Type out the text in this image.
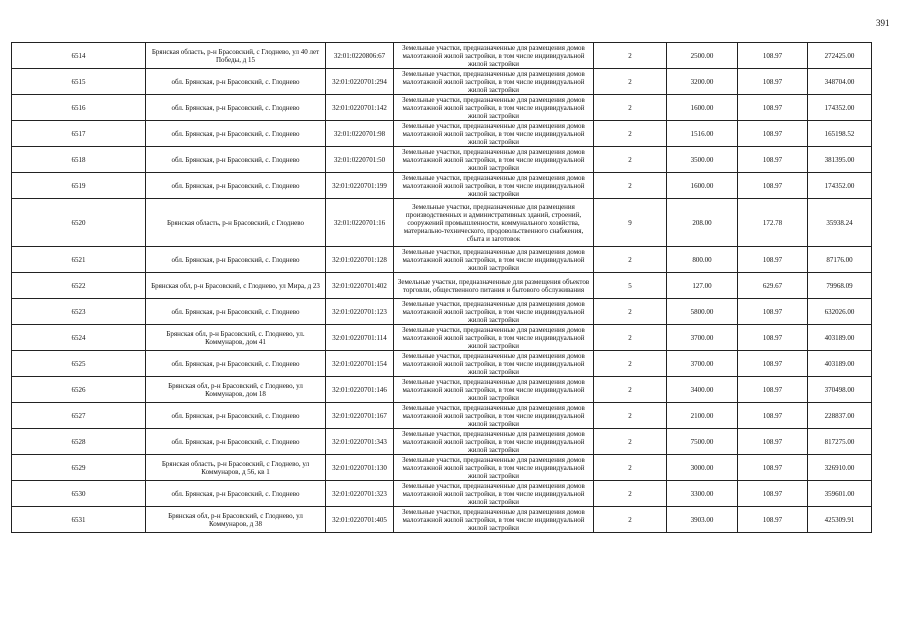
391
6514	Брянская область, р-н Брасовский, с Глоднево, ул 40 лет Победы, д 15	32:01:0220806:67	Земельные участки, предназначенные для размещения домов малоэтажной жилой застройки, в том числе индивидуальной жилой застройки	2	2500.00	108.97	272425.00
6515	обл. Брянская, р-н Брасовский, с. Глоднево	32:01:0220701:294	Земельные участки, предназначенные для размещения домов малоэтажной жилой застройки, в том числе индивидуальной жилой застройки	2	3200.00	108.97	348704.00
6516	обл. Брянская, р-н Брасовский, с. Глоднево	32:01:0220701:142	Земельные участки, предназначенные для размещения домов малоэтажной жилой застройки, в том числе индивидуальной жилой застройки	2	1600.00	108.97	174352.00
6517	обл. Брянская, р-н Брасовский, с. Глоднево	32:01:0220701:98	Земельные участки, предназначенные для размещения домов малоэтажной жилой застройки, в том числе индивидуальной жилой застройки	2	1516.00	108.97	165198.52
6518	обл. Брянская, р-н Брасовский, с. Глоднево	32:01:0220701:50	Земельные участки, предназначенные для размещения домов малоэтажной жилой застройки, в том числе индивидуальной жилой застройки	2	3500.00	108.97	381395.00
6519	обл. Брянская, р-н Брасовский, с. Глоднево	32:01:0220701:199	Земельные участки, предназначенные для размещения домов малоэтажной жилой застройки, в том числе индивидуальной жилой застройки	2	1600.00	108.97	174352.00
6520	Брянская область, р-н Брасовский, с Глоднево	32:01:0220701:16	Земельные участки, предназначенные для размещения производственных и административных зданий, строений, сооружений промышленности, коммунального хозяйства, материально-технического, продовольственного снабжения, сбыта и заготовок	9	208.00	172.78	35938.24
6521	обл. Брянская, р-н Брасовский, с. Глоднево	32:01:0220701:128	Земельные участки, предназначенные для размещения домов малоэтажной жилой застройки, в том числе индивидуальной жилой застройки	2	800.00	108.97	87176.00
6522	Брянская обл, р-н Брасовский, с Глоднево, ул Мира, д 23	32:01:0220701:402	Земельные участки, предназначенные для размещения объектов торговли, общественного питания и бытового обслуживания	5	127.00	629.67	79968.09
6523	обл. Брянская, р-н Брасовский, с. Глоднево	32:01:0220701:123	Земельные участки, предназначенные для размещения домов малоэтажной жилой застройки, в том числе индивидуальной жилой застройки	2	5800.00	108.97	632026.00
6524	Брянская обл, р-н Брасовский, с. Глоднево, ул. Коммунаров, дом 41	32:01:0220701:114	Земельные участки, предназначенные для размещения домов малоэтажной жилой застройки, в том числе индивидуальной жилой застройки	2	3700.00	108.97	403189.00
6525	обл. Брянская, р-н Брасовский, с. Глоднево	32:01:0220701:154	Земельные участки, предназначенные для размещения домов малоэтажной жилой застройки, в том числе индивидуальной жилой застройки	2	3700.00	108.97	403189.00
6526	Брянская обл, р-н Брасовский, с Глоднево, ул Коммунаров, дом 18	32:01:0220701:146	Земельные участки, предназначенные для размещения домов малоэтажной жилой застройки, в том числе индивидуальной жилой застройки	2	3400.00	108.97	370498.00
6527	обл. Брянская, р-н Брасовский, с. Глоднево	32:01:0220701:167	Земельные участки, предназначенные для размещения домов малоэтажной жилой застройки, в том числе индивидуальной жилой застройки	2	2100.00	108.97	228837.00
6528	обл. Брянская, р-н Брасовский, с. Глоднево	32:01:0220701:343	Земельные участки, предназначенные для размещения домов малоэтажной жилой застройки, в том числе индивидуальной жилой застройки	2	7500.00	108.97	817275.00
6529	Брянская область, р-н Брасовский, с Глоднево, ул Коммунаров, д 56, кв 1	32:01:0220701:130	Земельные участки, предназначенные для размещения домов малоэтажной жилой застройки, в том числе индивидуальной жилой застройки	2	3000.00	108.97	326910.00
6530	обл. Брянская, р-н Брасовский, с. Глоднево	32:01:0220701:323	Земельные участки, предназначенные для размещения домов малоэтажной жилой застройки, в том числе индивидуальной жилой застройки	2	3300.00	108.97	359601.00
6531	Брянская обл, р-н Брасовский, с Глоднево, ул Коммунаров, д 38	32:01:0220701:405	Земельные участки, предназначенные для размещения домов малоэтажной жилой застройки, в том числе индивидуальной жилой застройки	2	3903.00	108.97	425309.91
